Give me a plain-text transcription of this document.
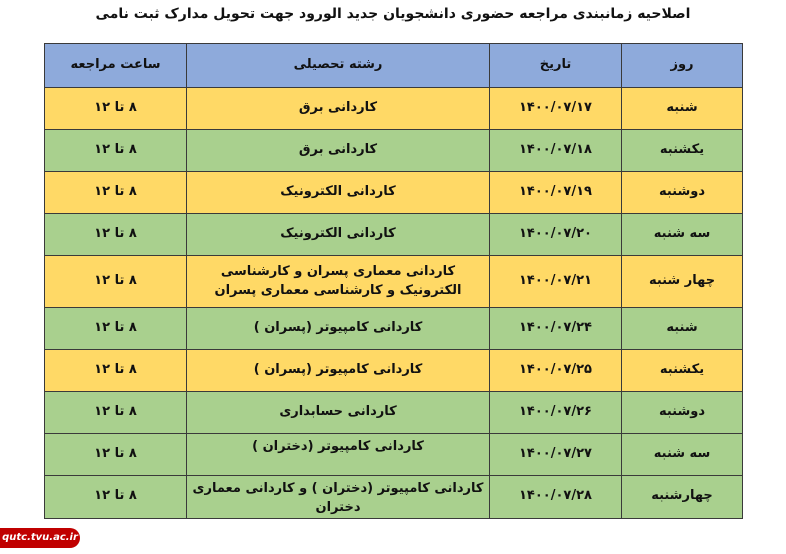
اصلاحیه زمانبندی مراجعه حضوری دانشجویان جدید الورود جهت تحویل مدارک ثبت نامی
روز	تاریخ	رشته تحصیلی	ساعت مراجعه
شنبه	۱۴۰۰/۰۷/۱۷	کاردانی برق	۸ تا ۱۲
یکشنبه	۱۴۰۰/۰۷/۱۸	کاردانی برق	۸ تا ۱۲
دوشنبه	۱۴۰۰/۰۷/۱۹	کاردانی الکترونیک	۸ تا ۱۲
سه شنبه	۱۴۰۰/۰۷/۲۰	کاردانی الکترونیک	۸ تا ۱۲
چهار شنبه	۱۴۰۰/۰۷/۲۱	کاردانی معماری پسران و کارشناسی الکترونیک و کارشناسی معماری پسران	۸ تا ۱۲
شنبه	۱۴۰۰/۰۷/۲۴	کاردانی کامپیوتر (پسران )	۸ تا ۱۲
یکشنبه	۱۴۰۰/۰۷/۲۵	کاردانی کامپیوتر (پسران )	۸ تا ۱۲
دوشنبه	۱۴۰۰/۰۷/۲۶	کاردانی حسابداری	۸ تا ۱۲
سه شنبه	۱۴۰۰/۰۷/۲۷	کاردانی کامپیوتر (دختران )	۸ تا ۱۲
چهارشنبه	۱۴۰۰/۰۷/۲۸	کاردانی کامپیوتر (دختران ) و کاردانی معماری دختران	۸ تا ۱۲
qutc.tvu.ac.ir
